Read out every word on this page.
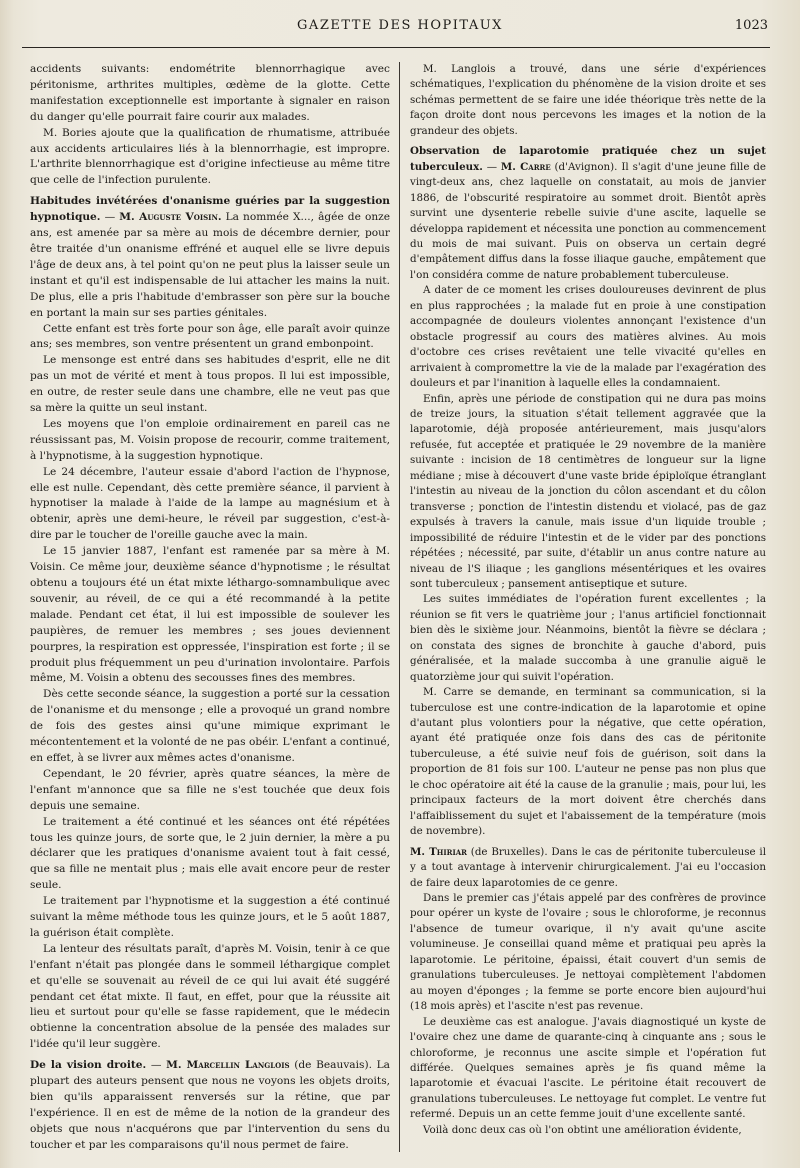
GAZETTE DES HOPITAUX	1023

accidents suivants: endométrite blennorrhagique avec péritonisme, arthrites multiples, œdème de la glotte. Cette manifestation exceptionnelle est importante à signaler en raison du danger qu'elle pourrait faire courir aux malades.

M. Bories ajoute que la qualification de rhumatisme, attribuée aux accidents articulaires liés à la blennorrhagie, est impropre. L'arthrite blennorrhagique est d'origine infectieuse au même titre que celle de l'infection purulente.

Habitudes invétérées d'onanisme guéries par la suggestion hypnotique. — M. Auguste Voisin. La nommée X..., âgée de onze ans, est amenée par sa mère au mois de décembre dernier, pour être traitée d'un onanisme effréné et auquel elle se livre depuis l'âge de deux ans, à tel point qu'on ne peut plus la laisser seule un instant et qu'il est indispensable de lui attacher les mains la nuit. De plus, elle a pris l'habitude d'embrasser son père sur la bouche en portant la main sur ses parties génitales.

Cette enfant est très forte pour son âge, elle paraît avoir quinze ans; ses membres, son ventre présentent un grand embonpoint.

Le mensonge est entré dans ses habitudes d'esprit, elle ne dit pas un mot de vérité et ment à tous propos. Il lui est impossible, en outre, de rester seule dans une chambre, elle ne veut pas que sa mère la quitte un seul instant.

Les moyens que l'on emploie ordinairement en pareil cas ne réussissant pas, M. Voisin propose de recourir, comme traitement, à l'hypnotisme, à la suggestion hypnotique.

Le 24 décembre, l'auteur essaie d'abord l'action de l'hypnose, elle est nulle. Cependant, dès cette première séance, il parvient à hypnotiser la malade à l'aide de la lampe au magnésium et à obtenir, après une demi-heure, le réveil par suggestion, c'est-à-dire par le toucher de l'oreille gauche avec la main.

Le 15 janvier 1887, l'enfant est ramenée par sa mère à M. Voisin. Ce même jour, deuxième séance d'hypnotisme ; le résultat obtenu a toujours été un état mixte léthargo-somnambulique avec souvenir, au réveil, de ce qui a été recommandé à la petite malade. Pendant cet état, il lui est impossible de soulever les paupières, de remuer les membres ; ses joues deviennent pourpres, la respiration est oppressée, l'inspiration est forte ; il se produit plus fréquemment un peu d'urination involontaire. Parfois même, M. Voisin a obtenu des secousses fines des membres.

Dès cette seconde séance, la suggestion a porté sur la cessation de l'onanisme et du mensonge ; elle a provoqué un grand nombre de fois des gestes ainsi qu'une mimique exprimant le mécontentement et la volonté de ne pas obéir. L'enfant a continué, en effet, à se livrer aux mêmes actes d'onanisme.

Cependant, le 20 février, après quatre séances, la mère de l'enfant m'annonce que sa fille ne s'est touchée que deux fois depuis une semaine.

Le traitement a été continué et les séances ont été répétées tous les quinze jours, de sorte que, le 2 juin dernier, la mère a pu déclarer que les pratiques d'onanisme avaient tout à fait cessé, que sa fille ne mentait plus ; mais elle avait encore peur de rester seule.

Le traitement par l'hypnotisme et la suggestion a été continué suivant la même méthode tous les quinze jours, et le 5 août 1887, la guérison était complète.

La lenteur des résultats paraît, d'après M. Voisin, tenir à ce que l'enfant n'était pas plongée dans le sommeil léthargique complet et qu'elle se souvenait au réveil de ce qui lui avait été suggéré pendant cet état mixte. Il faut, en effet, pour que la réussite ait lieu et surtout pour qu'elle se fasse rapidement, que le médecin obtienne la concentration absolue de la pensée des malades sur l'idée qu'il leur suggère.

De la vision droite. — M. Marcellin Langlois (de Beauvais). La plupart des auteurs pensent que nous ne voyons les objets droits, bien qu'ils apparaissent renversés sur la rétine, que par l'expérience. Il en est de même de la notion de la grandeur des objets que nous n'acquérons que par l'intervention du sens du toucher et par les comparaisons qu'il nous permet de faire.

M. Langlois a trouvé, dans une série d'expériences schématiques, l'explication du phénomène de la vision droite et ses schémas permettent de se faire une idée théorique très nette de la façon droite dont nous percevons les images et la notion de la grandeur des objets.

Observation de laparotomie pratiquée chez un sujet tuberculeux. — M. Carre (d'Avignon). Il s'agit d'une jeune fille de vingt-deux ans, chez laquelle on constatait, au mois de janvier 1886, de l'obscurité respiratoire au sommet droit. Bientôt après survint une dysenterie rebelle suivie d'une ascite, laquelle se développa rapidement et nécessita une ponction au commencement du mois de mai suivant. Puis on observa un certain degré d'empâtement diffus dans la fosse iliaque gauche, empâtement que l'on considéra comme de nature probablement tuberculeuse.

A dater de ce moment les crises douloureuses devinrent de plus en plus rapprochées ; la malade fut en proie à une constipation accompagnée de douleurs violentes annonçant l'existence d'un obstacle progressif au cours des matières alvines. Au mois d'octobre ces crises revêtaient une telle vivacité qu'elles en arrivaient à compromettre la vie de la malade par l'exagération des douleurs et par l'inanition à laquelle elles la condamnaient.

Enfin, après une période de constipation qui ne dura pas moins de treize jours, la situation s'était tellement aggravée que la laparotomie, déjà proposée antérieurement, mais jusqu'alors refusée, fut acceptée et pratiquée le 29 novembre de la manière suivante : incision de 18 centimètres de longueur sur la ligne médiane ; mise à découvert d'une vaste bride épiploïque étranglant l'intestin au niveau de la jonction du côlon ascendant et du côlon transverse ; ponction de l'intestin distendu et violacé, pas de gaz expulsés à travers la canule, mais issue d'un liquide trouble ; impossibilité de réduire l'intestin et de le vider par des ponctions répétées ; nécessité, par suite, d'établir un anus contre nature au niveau de l'S iliaque ; les ganglions mésentériques et les ovaires sont tuberculeux ; pansement antiseptique et suture.

Les suites immédiates de l'opération furent excellentes ; la réunion se fit vers le quatrième jour ; l'anus artificiel fonctionnait bien dès le sixième jour. Néanmoins, bientôt la fièvre se déclara ; on constata des signes de bronchite à gauche d'abord, puis généralisée, et la malade succomba à une granulie aiguë le quatorzième jour qui suivit l'opération.

M. Carre se demande, en terminant sa communication, si la tuberculose est une contre-indication de la laparotomie et opine d'autant plus volontiers pour la négative, que cette opération, ayant été pratiquée onze fois dans des cas de péritonite tuberculeuse, a été suivie neuf fois de guérison, soit dans la proportion de 81 fois sur 100. L'auteur ne pense pas non plus que le choc opératoire ait été la cause de la granulie ; mais, pour lui, les principaux facteurs de la mort doivent être cherchés dans l'affaiblissement du sujet et l'abaissement de la température (mois de novembre).

M. Thiriar (de Bruxelles). Dans le cas de péritonite tuberculeuse il y a tout avantage à intervenir chirurgicalement. J'ai eu l'occasion de faire deux laparotomies de ce genre.

Dans le premier cas j'étais appelé par des confrères de province pour opérer un kyste de l'ovaire ; sous le chloroforme, je reconnus l'absence de tumeur ovarique, il n'y avait qu'une ascite volumineuse. Je conseillai quand même et pratiquai peu après la laparotomie. Le péritoine, épaissi, était couvert d'un semis de granulations tuberculeuses. Je nettoyai complètement l'abdomen au moyen d'éponges ; la femme se porte encore bien aujourd'hui (18 mois après) et l'ascite n'est pas revenue.

Le deuxième cas est analogue. J'avais diagnostiqué un kyste de l'ovaire chez une dame de quarante-cinq à cinquante ans ; sous le chloroforme, je reconnus une ascite simple et l'opération fut différée. Quelques semaines après je fis quand même la laparotomie et évacuai l'ascite. Le péritoine était recouvert de granulations tuberculeuses. Le nettoyage fut complet. Le ventre fut refermé. Depuis un an cette femme jouit d'une excellente santé.

Voilà donc deux cas où l'on obtint une amélioration évidente,
